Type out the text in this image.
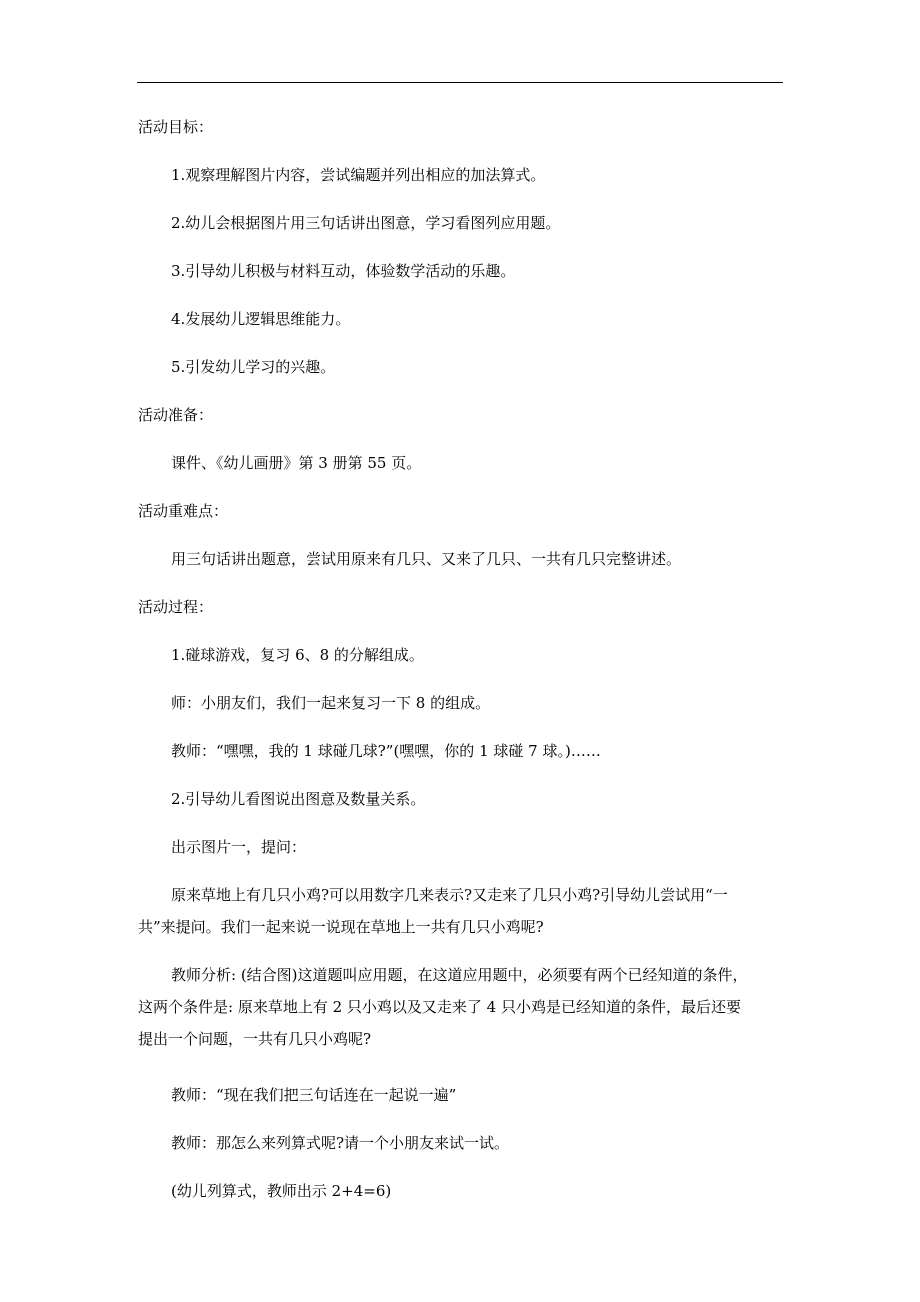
活动目标：

1.观察理解图片内容，尝试编题并列出相应的加法算式。

2.幼儿会根据图片用三句话讲出图意，学习看图列应用题。

3.引导幼儿积极与材料互动，体验数学活动的乐趣。

4.发展幼儿逻辑思维能力。

5.引发幼儿学习的兴趣。

活动准备：

课件、《幼儿画册》第 3 册第 55 页。

活动重难点：

用三句话讲出题意，尝试用原来有几只、又来了几只、一共有几只完整讲述。

活动过程：

1.碰球游戏，复习 6、8 的分解组成。

师：小朋友们，我们一起来复习一下 8 的组成。

教师：“嘿嘿，我的 1 球碰几球?”(嘿嘿，你的 1 球碰 7 球。)……

2.引导幼儿看图说出图意及数量关系。

出示图片一，提问：

原来草地上有几只小鸡?可以用数字几来表示?又走来了几只小鸡?引导幼儿尝试用“一共”来提问。我们一起来说一说现在草地上一共有几只小鸡呢?

教师分析: (结合图)这道题叫应用题，在这道应用题中，必须要有两个已经知道的条件，这两个条件是: 原来草地上有 2 只小鸡以及又走来了 4 只小鸡是已经知道的条件，最后还要提出一个问题，一共有几只小鸡呢?

教师：“现在我们把三句话连在一起说一遍”

教师：那怎么来列算式呢?请一个小朋友来试一试。

(幼儿列算式，教师出示 2+4=6)
